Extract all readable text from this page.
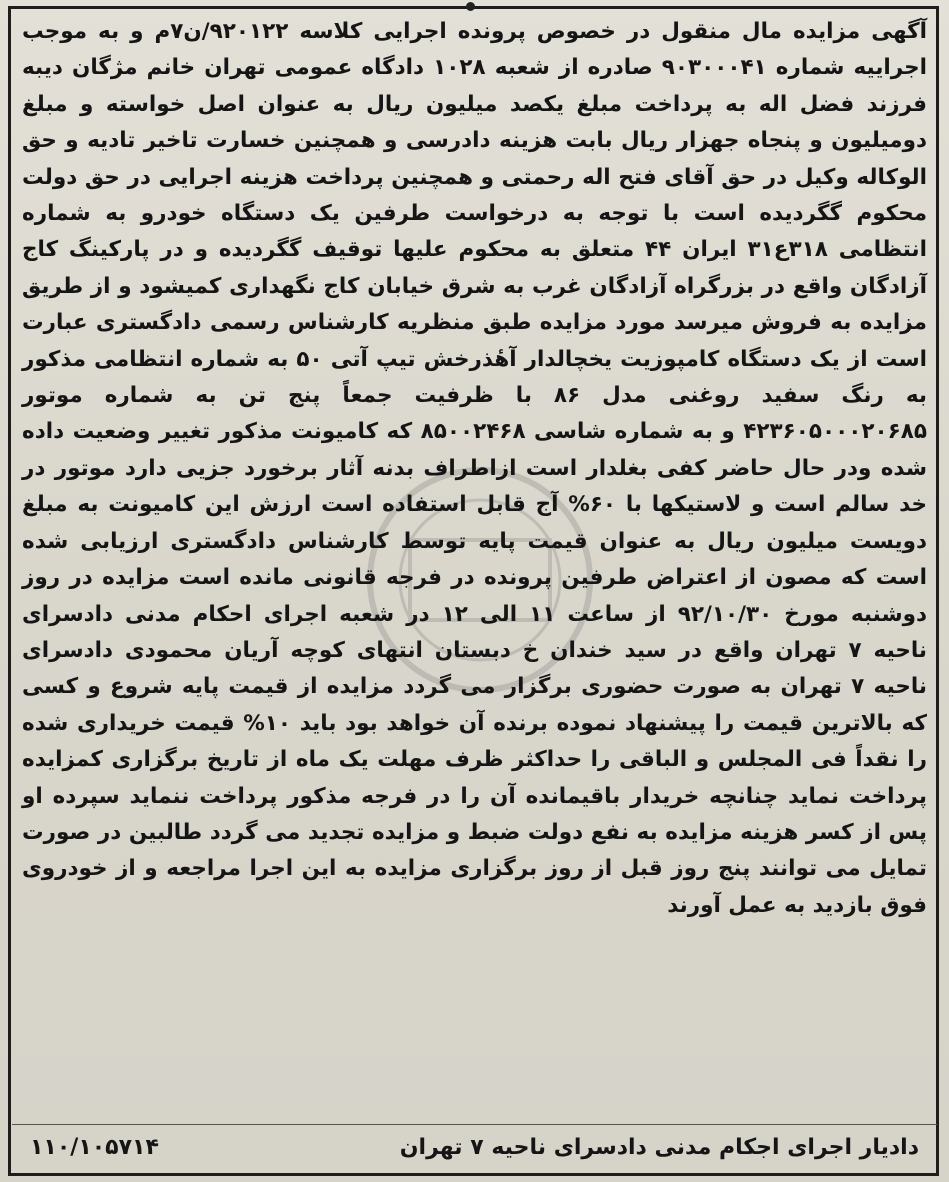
آگهی مزایده مال منقول در خصوص پرونده اجرایی کلاسه ۹۲۰۱۲۲/ن۷م و به موجب اجراییه شماره ۹۰۳۰۰۰۴۱ صادره از شعبه ۱۰۲۸ دادگاه عمومی تهران خانم مژگان دیبه فرزند فضل اله به پرداخت مبلغ یکصد میلیون ریال به عنوان اصل خواسته و مبلغ دومیلیون و پنجاه جهزار ریال بابت هزینه دادرسی و همچنین خسارت تاخیر تادیه و حق الوکاله وکیل در حق آقای فتح اله رحمتی و همچنین پرداخت هزینه اجرایی در حق دولت محکوم گگردیده است با توجه به درخواست طرفین یک دستگاه خودرو به شماره انتظامی ۳۱۸ع۳۱ ایران ۴۴ متعلق به محکوم علیها توقیف گگردیده و در پارکینگ کاج آزادگان واقع در بزرگراه آزادگان غرب به شرق خیابان کاج نگهداری کمیشود و از طریق مزایده به فروش میرسد مورد مزایده طبق منظریه کارشناس رسمی دادگستری عبارت است از یک دستگاه کامپوزیت یخچالدار آهٔذرخش تیپ آتی ۵۰ به شماره انتظامی مذکور به رنگ سفید روغنی مدل ۸۶ با ظرفیت جمعاً پنج تن به شماره موتور ۴۲۳۶۰۵۰۰۰۲۰۶۸۵ و به شماره شاسی ۸۵۰۰۲۴۶۸ که کامیونت مذکور تغییر وضعیت داده شده ودر حال حاضر کفی بغلدار است ازاطراف بدنه آثار برخورد جزیی دارد موتور در خد سالم است و لاستیکها با ۶۰% آج قابل استفاده است ارزش این کامیونت به مبلغ دویست میلیون ریال به عنوان قیمت پایه توسط کارشناس دادگستری ارزیابی شده است که مصون از اعتراض طرفین پرونده در فرجه قانونی مانده است مزایده در روز دوشنبه مورخ ۹۲/۱۰/۳۰ از ساعت ۱۱ الی ۱۲ در شعبه اجرای احکام مدنی دادسرای ناحیه ۷ تهران واقع در سید خندان خ دبستان انتهای کوچه آریان محمودی دادسرای ناحیه ۷ تهران به صورت حضوری برگزار می گردد مزایده از قیمت پایه شروع و کسی که بالاترین قیمت را پیشنهاد نموده برنده آن خواهد بود باید ۱۰% قیمت خریداری شده را نقداً فی المجلس و الباقی را حداکثر ظرف مهلت یک ماه از تاریخ برگزاری کمزایده پرداخت نماید چنانچه خریدار باقیمانده آن را در فرجه مذکور پرداخت ننماید سپرده او پس از کسر هزینه مزایده به نفع دولت ضبط و مزایده تجدید می گردد طالبین در صورت تمایل می توانند پنج روز قبل از روز برگزاری مزایده به این اجرا مراجعه و از خودروی فوق بازدید به عمل آورند
دادیار اجرای اجکام مدنی دادسرای ناحیه ۷ تهران
۱۱۰/۱۰۵۷۱۴
